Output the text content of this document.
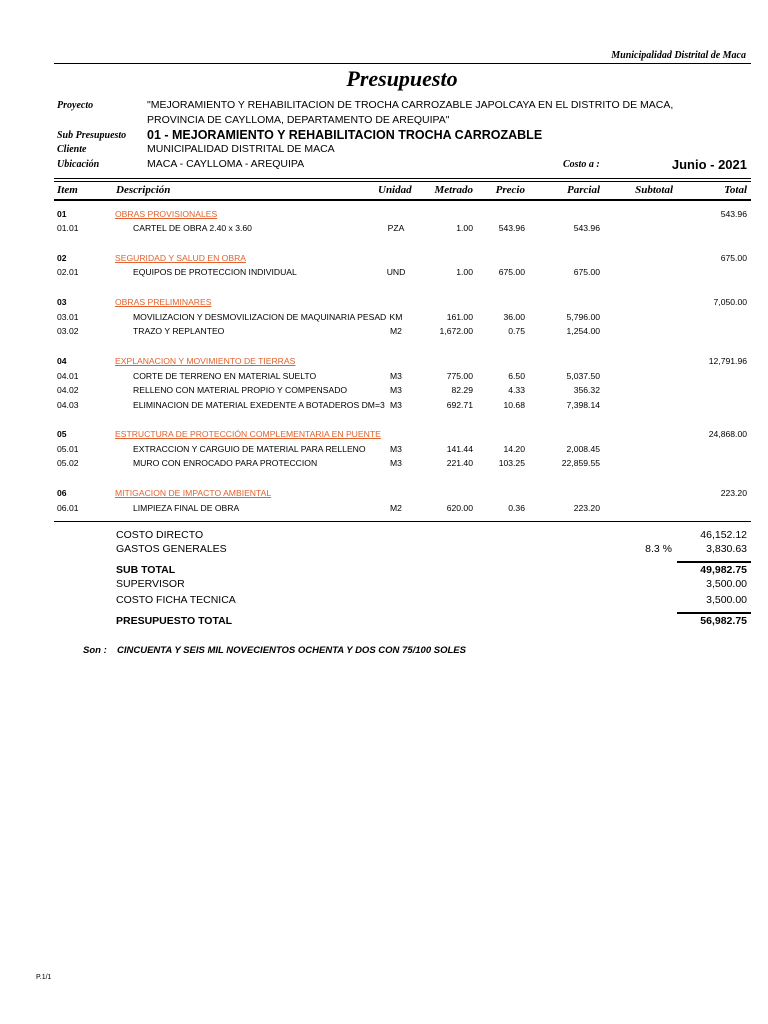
Municipalidad Distrital de Maca
Presupuesto
Proyecto	"MEJORAMIENTO Y REHABILITACION DE TROCHA CARROZABLE JAPOLCAYA EN EL DISTRITO DE MACA,
PROVINCIA DE CAYLLOMA, DEPARTAMENTO DE AREQUIPA"
Sub Presupuesto 01 - MEJORAMIENTO Y REHABILITACION TROCHA CARROZABLE
Cliente	MUNICIPALIDAD DISTRITAL DE MACA
Ubicación	MACA - CAYLLOMA - AREQUIPA	Costo a :	Junio - 2021
Item	Descripción	Unidad Metrado Precio	Parcial	Subtotal	Total
01	OBRAS PROVISIONALES	543.96
01.01	CARTEL DE OBRA 2.40 x 3.60	PZA	1.00	543.96	543.96
02	SEGURIDAD Y SALUD EN OBRA	675.00
02.01	EQUIPOS DE PROTECCION INDIVIDUAL	UND	1.00	675.00	675.00
03	OBRAS PRELIMINARES	7,050.00
03.01	MOVILIZACION Y DESMOVILIZACION DE MAQUINARIA PESAD KM	161.00	36.00	5,796.00
03.02	TRAZO Y REPLANTEO	M2	1,672.00	0.75	1,254.00
04	EXPLANACION Y MOVIMIENTO DE TIERRAS	12,791.96
04.01	CORTE DE TERRENO EN MATERIAL SUELTO	M3	775.00	6.50	5,037.50
04.02	RELLENO CON MATERIAL PROPIO Y COMPENSADO	M3	82.29	4.33	356.32
04.03	ELIMINACION DE MATERIAL EXEDENTE A BOTADEROS DM=3 M3	692.71	10.68	7,398.14
05	ESTRUCTURA DE PROTECCIÓN COMPLEMENTARIA EN PUENTE	24,868.00
05.01	EXTRACCION Y CARGUIO DE MATERIAL PARA RELLENO	M3	141.44	14.20	2,008.45
05.02	MURO CON ENROCADO PARA PROTECCION	M3	221.40	103.25	22,859.55
06	MITIGACION DE IMPACTO AMBIENTAL	223.20
06.01	LIMPIEZA FINAL DE OBRA	M2	620.00	0.36	223.20
COSTO DIRECTO	46,152.12
GASTOS GENERALES	8.3 %	3,830.63
SUB TOTAL	49,982.75
SUPERVISOR	3,500.00
COSTO FICHA TECNICA	3,500.00
PRESUPUESTO TOTAL	56,982.75
Son : CINCUENTA Y SEIS MIL NOVECIENTOS OCHENTA Y DOS CON 75/100 SOLES
P.1/1
